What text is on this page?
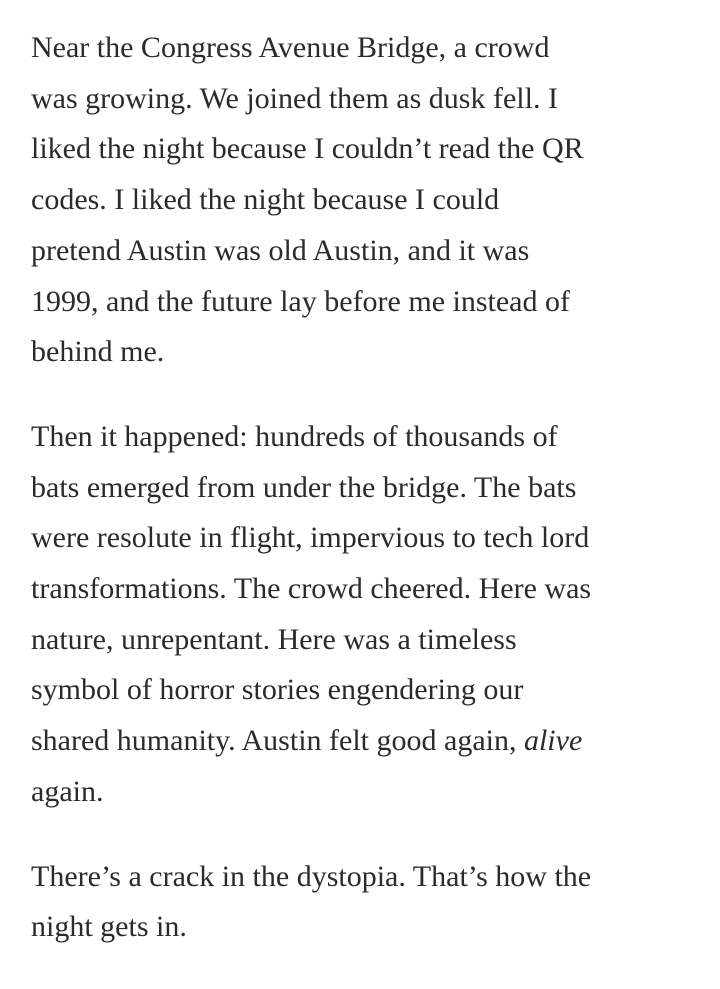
Near the Congress Avenue Bridge, a crowd
was growing. We joined them as dusk fell. I
liked the night because I couldn’t read the QR
codes. I liked the night because I could
pretend Austin was old Austin, and it was
1999, and the future lay before me instead of
behind me.

Then it happened: hundreds of thousands of
bats emerged from under the bridge. The bats
were resolute in flight, impervious to tech lord
transformations. The crowd cheered. Here was
nature, unrepentant. Here was a timeless
symbol of horror stories engendering our
shared humanity. Austin felt good again, alive
again.

There’s a crack in the dystopia. That’s how the
night gets in.
